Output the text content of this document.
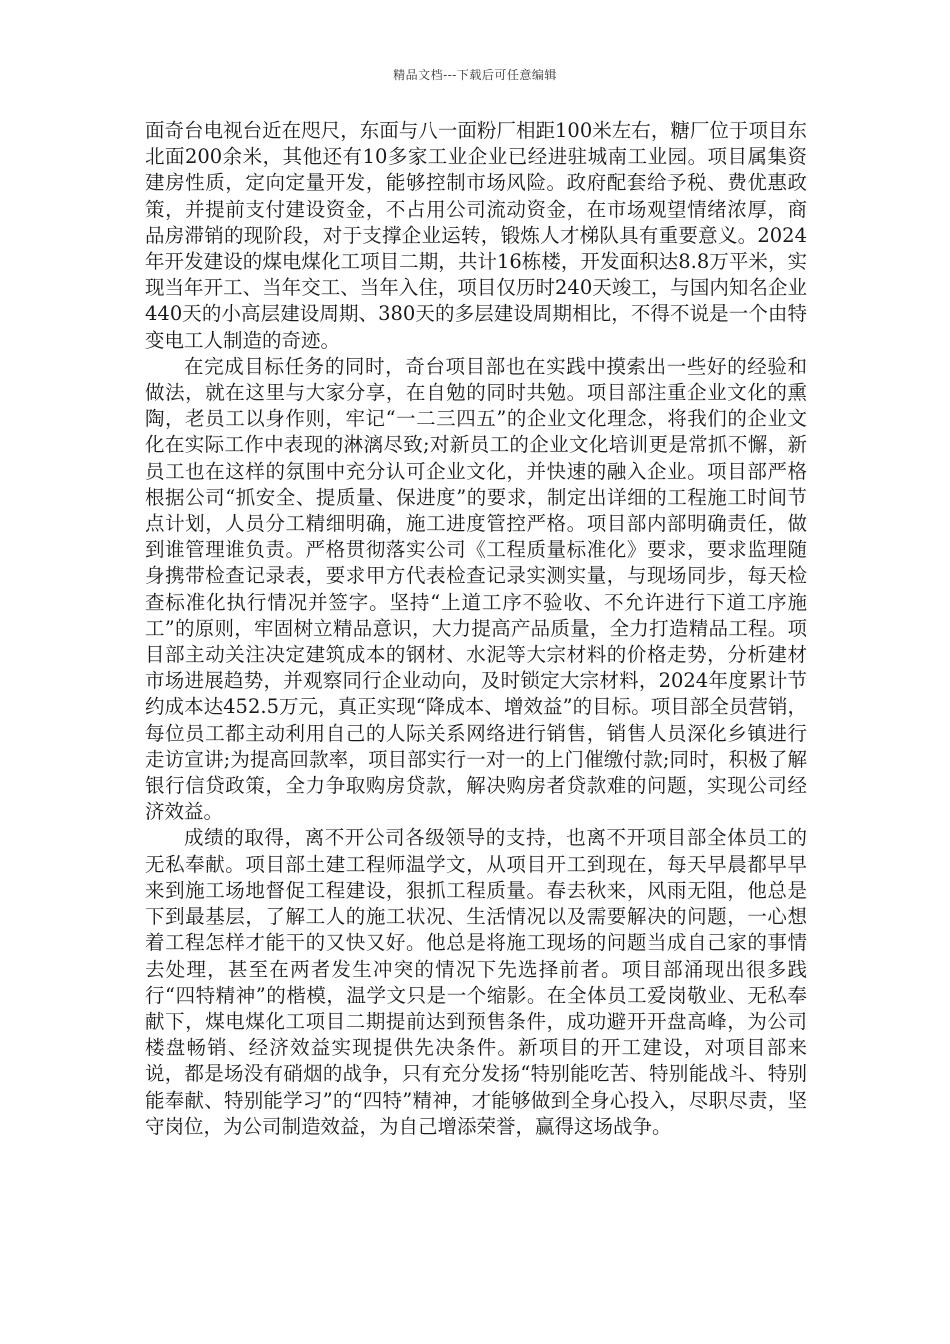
精品文档---下载后可任意编辑

面奇台电视台近在咫尺，东面与八一面粉厂相距100米左右，糖厂位于项目东北面200余米，其他还有10多家工业企业已经进驻城南工业园。项目属集资建房性质，定向定量开发，能够控制市场风险。政府配套给予税、费优惠政策，并提前支付建设资金，不占用公司流动资金，在市场观望情绪浓厚，商品房滞销的现阶段，对于支撑企业运转，锻炼人才梯队具有重要意义。2024年开发建设的煤电煤化工项目二期，共计16栋楼，开发面积达8.8万平米，实现当年开工、当年交工、当年入住，项目仅历时240天竣工，与国内知名企业440天的小高层建设周期、380天的多层建设周期相比，不得不说是一个由特变电工人制造的奇迹。

在完成目标任务的同时，奇台项目部也在实践中摸索出一些好的经验和做法，就在这里与大家分享，在自勉的同时共勉。项目部注重企业文化的熏陶，老员工以身作则，牢记“一二三四五”的企业文化理念，将我们的企业文化在实际工作中表现的淋漓尽致;对新员工的企业文化培训更是常抓不懈，新员工也在这样的氛围中充分认可企业文化，并快速的融入企业。项目部严格根据公司“抓安全、提质量、保进度”的要求，制定出详细的工程施工时间节点计划，人员分工精细明确，施工进度管控严格。项目部内部明确责任，做到谁管理谁负责。严格贯彻落实公司《工程质量标准化》要求，要求监理随身携带检查记录表，要求甲方代表检查记录实测实量，与现场同步，每天检查标准化执行情况并签字。坚持“上道工序不验收、不允许进行下道工序施工”的原则，牢固树立精品意识，大力提高产品质量，全力打造精品工程。项目部主动关注决定建筑成本的钢材、水泥等大宗材料的价格走势，分析建材市场进展趋势，并观察同行企业动向，及时锁定大宗材料，2024年度累计节约成本达452.5万元，真正实现“降成本、增效益”的目标。项目部全员营销，每位员工都主动利用自己的人际关系网络进行销售，销售人员深化乡镇进行走访宣讲;为提高回款率，项目部实行一对一的上门催缴付款;同时，积极了解银行信贷政策，全力争取购房贷款，解决购房者贷款难的问题，实现公司经济效益。

成绩的取得，离不开公司各级领导的支持，也离不开项目部全体员工的无私奉献。项目部土建工程师温学文，从项目开工到现在，每天早晨都早早来到施工场地督促工程建设，狠抓工程质量。春去秋来，风雨无阻，他总是下到最基层，了解工人的施工状况、生活情况以及需要解决的问题，一心想着工程怎样才能干的又快又好。他总是将施工现场的问题当成自己家的事情去处理，甚至在两者发生冲突的情况下先选择前者。项目部涌现出很多践行“四特精神”的楷模，温学文只是一个缩影。在全体员工爱岗敬业、无私奉献下，煤电煤化工项目二期提前达到预售条件，成功避开开盘高峰，为公司楼盘畅销、经济效益实现提供先决条件。新项目的开工建设，对项目部来说，都是场没有硝烟的战争，只有充分发扬“特别能吃苦、特别能战斗、特别能奉献、特别能学习”的“四特”精神，才能够做到全身心投入，尽职尽责，坚守岗位，为公司制造效益，为自己增添荣誉，赢得这场战争。
